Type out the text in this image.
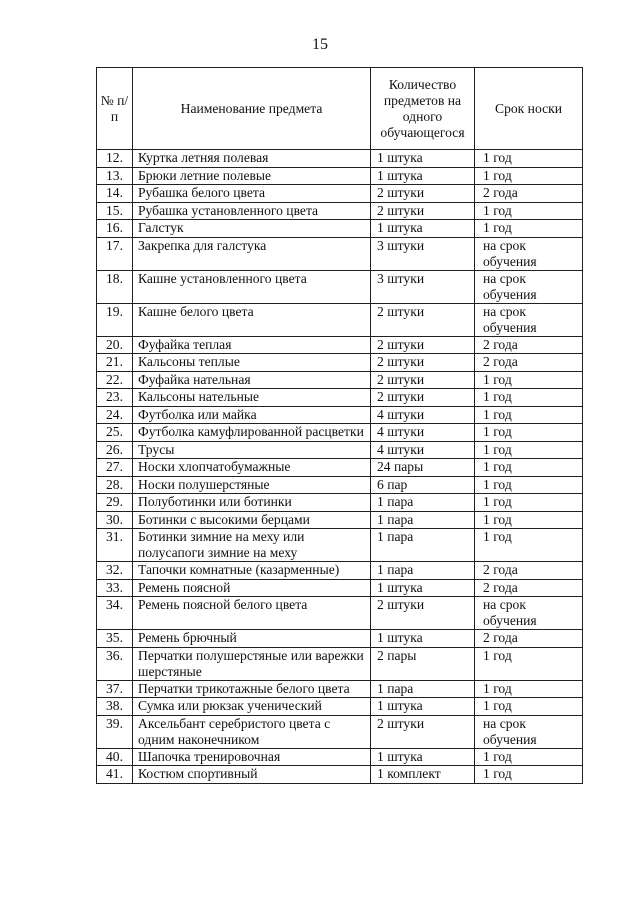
15
№ п/п	Наименование предмета	Количество предметов на одного обучающегося	Срок носки
12.	Куртка летняя полевая	1 штука	1 год
13.	Брюки летние полевые	1 штука	1 год
14.	Рубашка белого цвета	2 штуки	2 года
15.	Рубашка установленного цвета	2 штуки	1 год
16.	Галстук	1 штука	1 год
17.	Закрепка для галстука	3 штуки	на срок обучения
18.	Кашне установленного цвета	3 штуки	на срок обучения
19.	Кашне белого цвета	2 штуки	на срок обучения
20.	Фуфайка теплая	2 штуки	2 года
21.	Кальсоны теплые	2 штуки	2 года
22.	Фуфайка нательная	2 штуки	1 год
23.	Кальсоны нательные	2 штуки	1 год
24.	Футболка или майка	4 штуки	1 год
25.	Футболка камуфлированной расцветки	4 штуки	1 год
26.	Трусы	4 штуки	1 год
27.	Носки хлопчатобумажные	24 пары	1 год
28.	Носки полушерстяные	6 пар	1 год
29.	Полуботинки или ботинки	1 пара	1 год
30.	Ботинки с высокими берцами	1 пара	1 год
31.	Ботинки зимние на меху или полусапоги зимние на меху	1 пара	1 год
32.	Тапочки комнатные (казарменные)	1 пара	2 года
33.	Ремень поясной	1 штука	2 года
34.	Ремень поясной белого цвета	2 штуки	на срок обучения
35.	Ремень брючный	1 штука	2 года
36.	Перчатки полушерстяные или варежки шерстяные	2 пары	1 год
37.	Перчатки трикотажные белого цвета	1 пара	1 год
38.	Сумка или рюкзак ученический	1 штука	1 год
39.	Аксельбант серебристого цвета с одним наконечником	2 штуки	на срок обучения
40.	Шапочка тренировочная	1 штука	1 год
41.	Костюм спортивный	1 комплект	1 год
